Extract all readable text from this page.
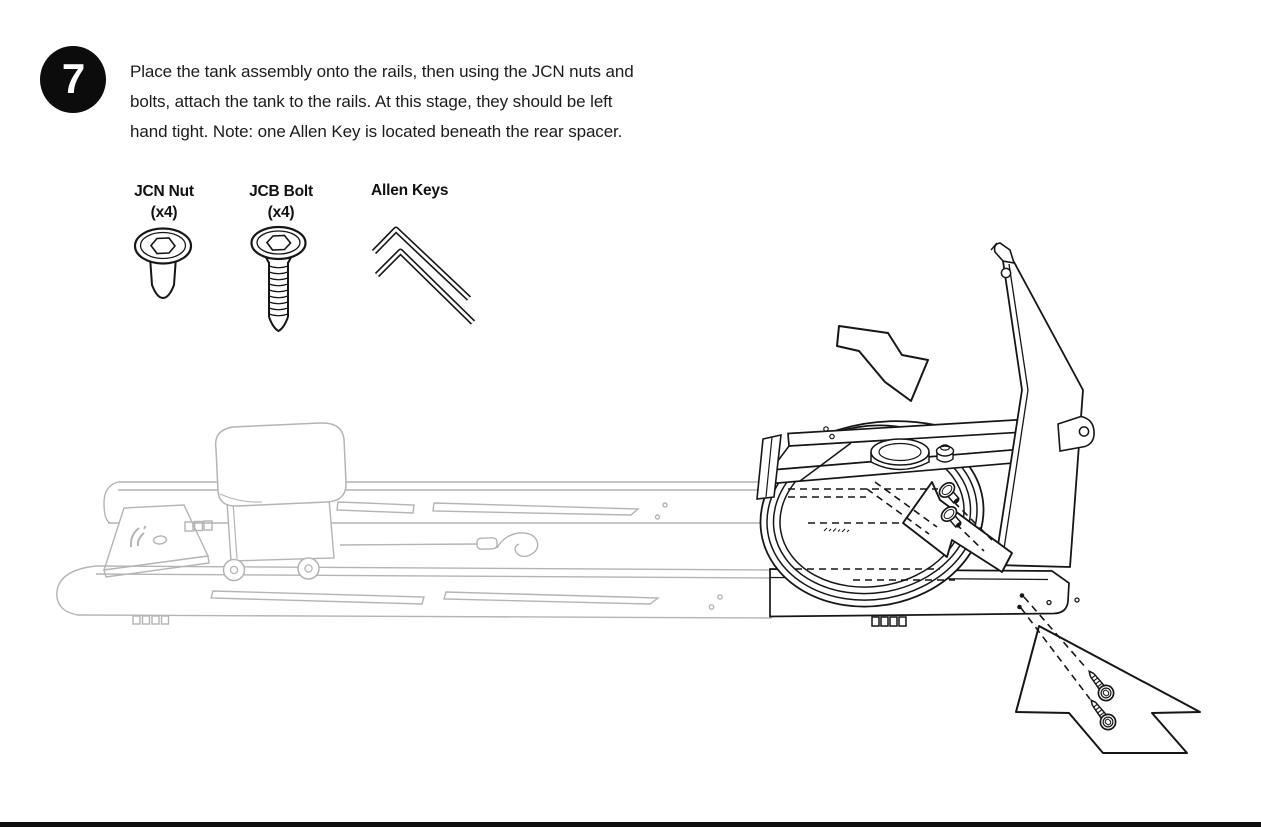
7	Place the tank assembly onto the rails, then using the JCN nuts and
bolts, attach the tank to the rails. At this stage, they should be left
hand tight. Note: one Allen Key is located beneath the rear spacer.
JCN Nut
(x4)
JCB Bolt
(x4)
Allen Keys
